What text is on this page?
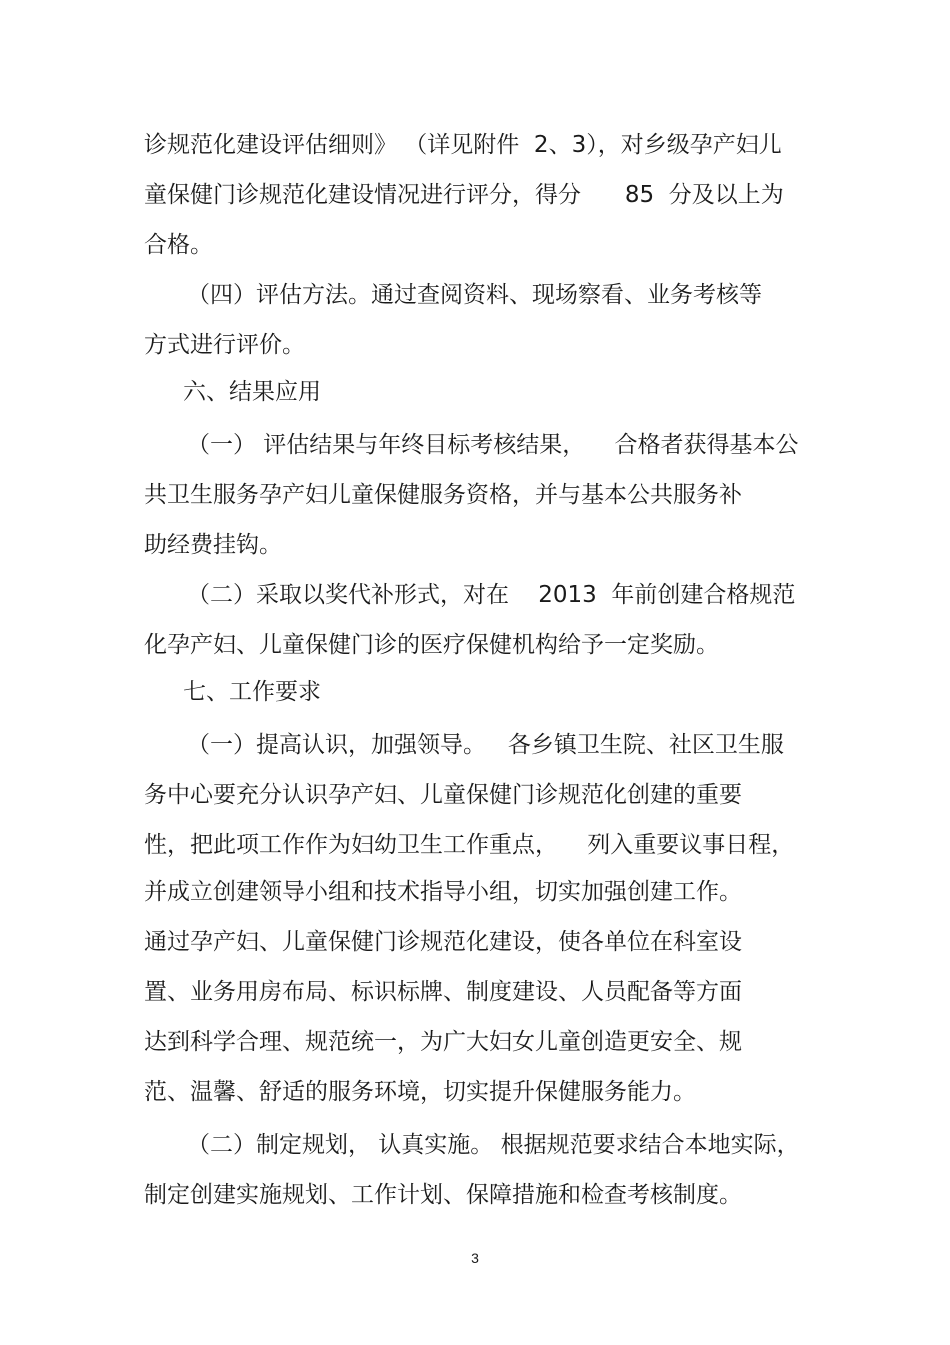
诊规范化建设评估细则》 （详见附件  2、3），对乡级孕产妇儿
童保健门诊规范化建设情况进行评分，得分      85  分及以上为
合格。
（四）评估方法。通过查阅资料、现场察看、业务考核等
方式进行评价。
六、结果应用
（一） 评估结果与年终目标考核结果，    合格者获得基本公
共卫生服务孕产妇儿童保健服务资格，并与基本公共服务补
助经费挂钩。
（二）采取以奖代补形式，对在    2013  年前创建合格规范
化孕产妇、儿童保健门诊的医疗保健机构给予一定奖励。
七、工作要求
（一）提高认识，加强领导。   各乡镇卫生院、社区卫生服
务中心要充分认识孕产妇、儿童保健门诊规范化创建的重要
性，把此项工作作为妇幼卫生工作重点，    列入重要议事日程，
并成立创建领导小组和技术指导小组，切实加强创建工作。
通过孕产妇、儿童保健门诊规范化建设，使各单位在科室设
置、业务用房布局、标识标牌、制度建设、人员配备等方面
达到科学合理、规范统一，为广大妇女儿童创造更安全、规
范、温馨、舒适的服务环境，切实提升保健服务能力。
（二）制定规划， 认真实施。 根据规范要求结合本地实际，
制定创建实施规划、工作计划、保障措施和检查考核制度。
3
